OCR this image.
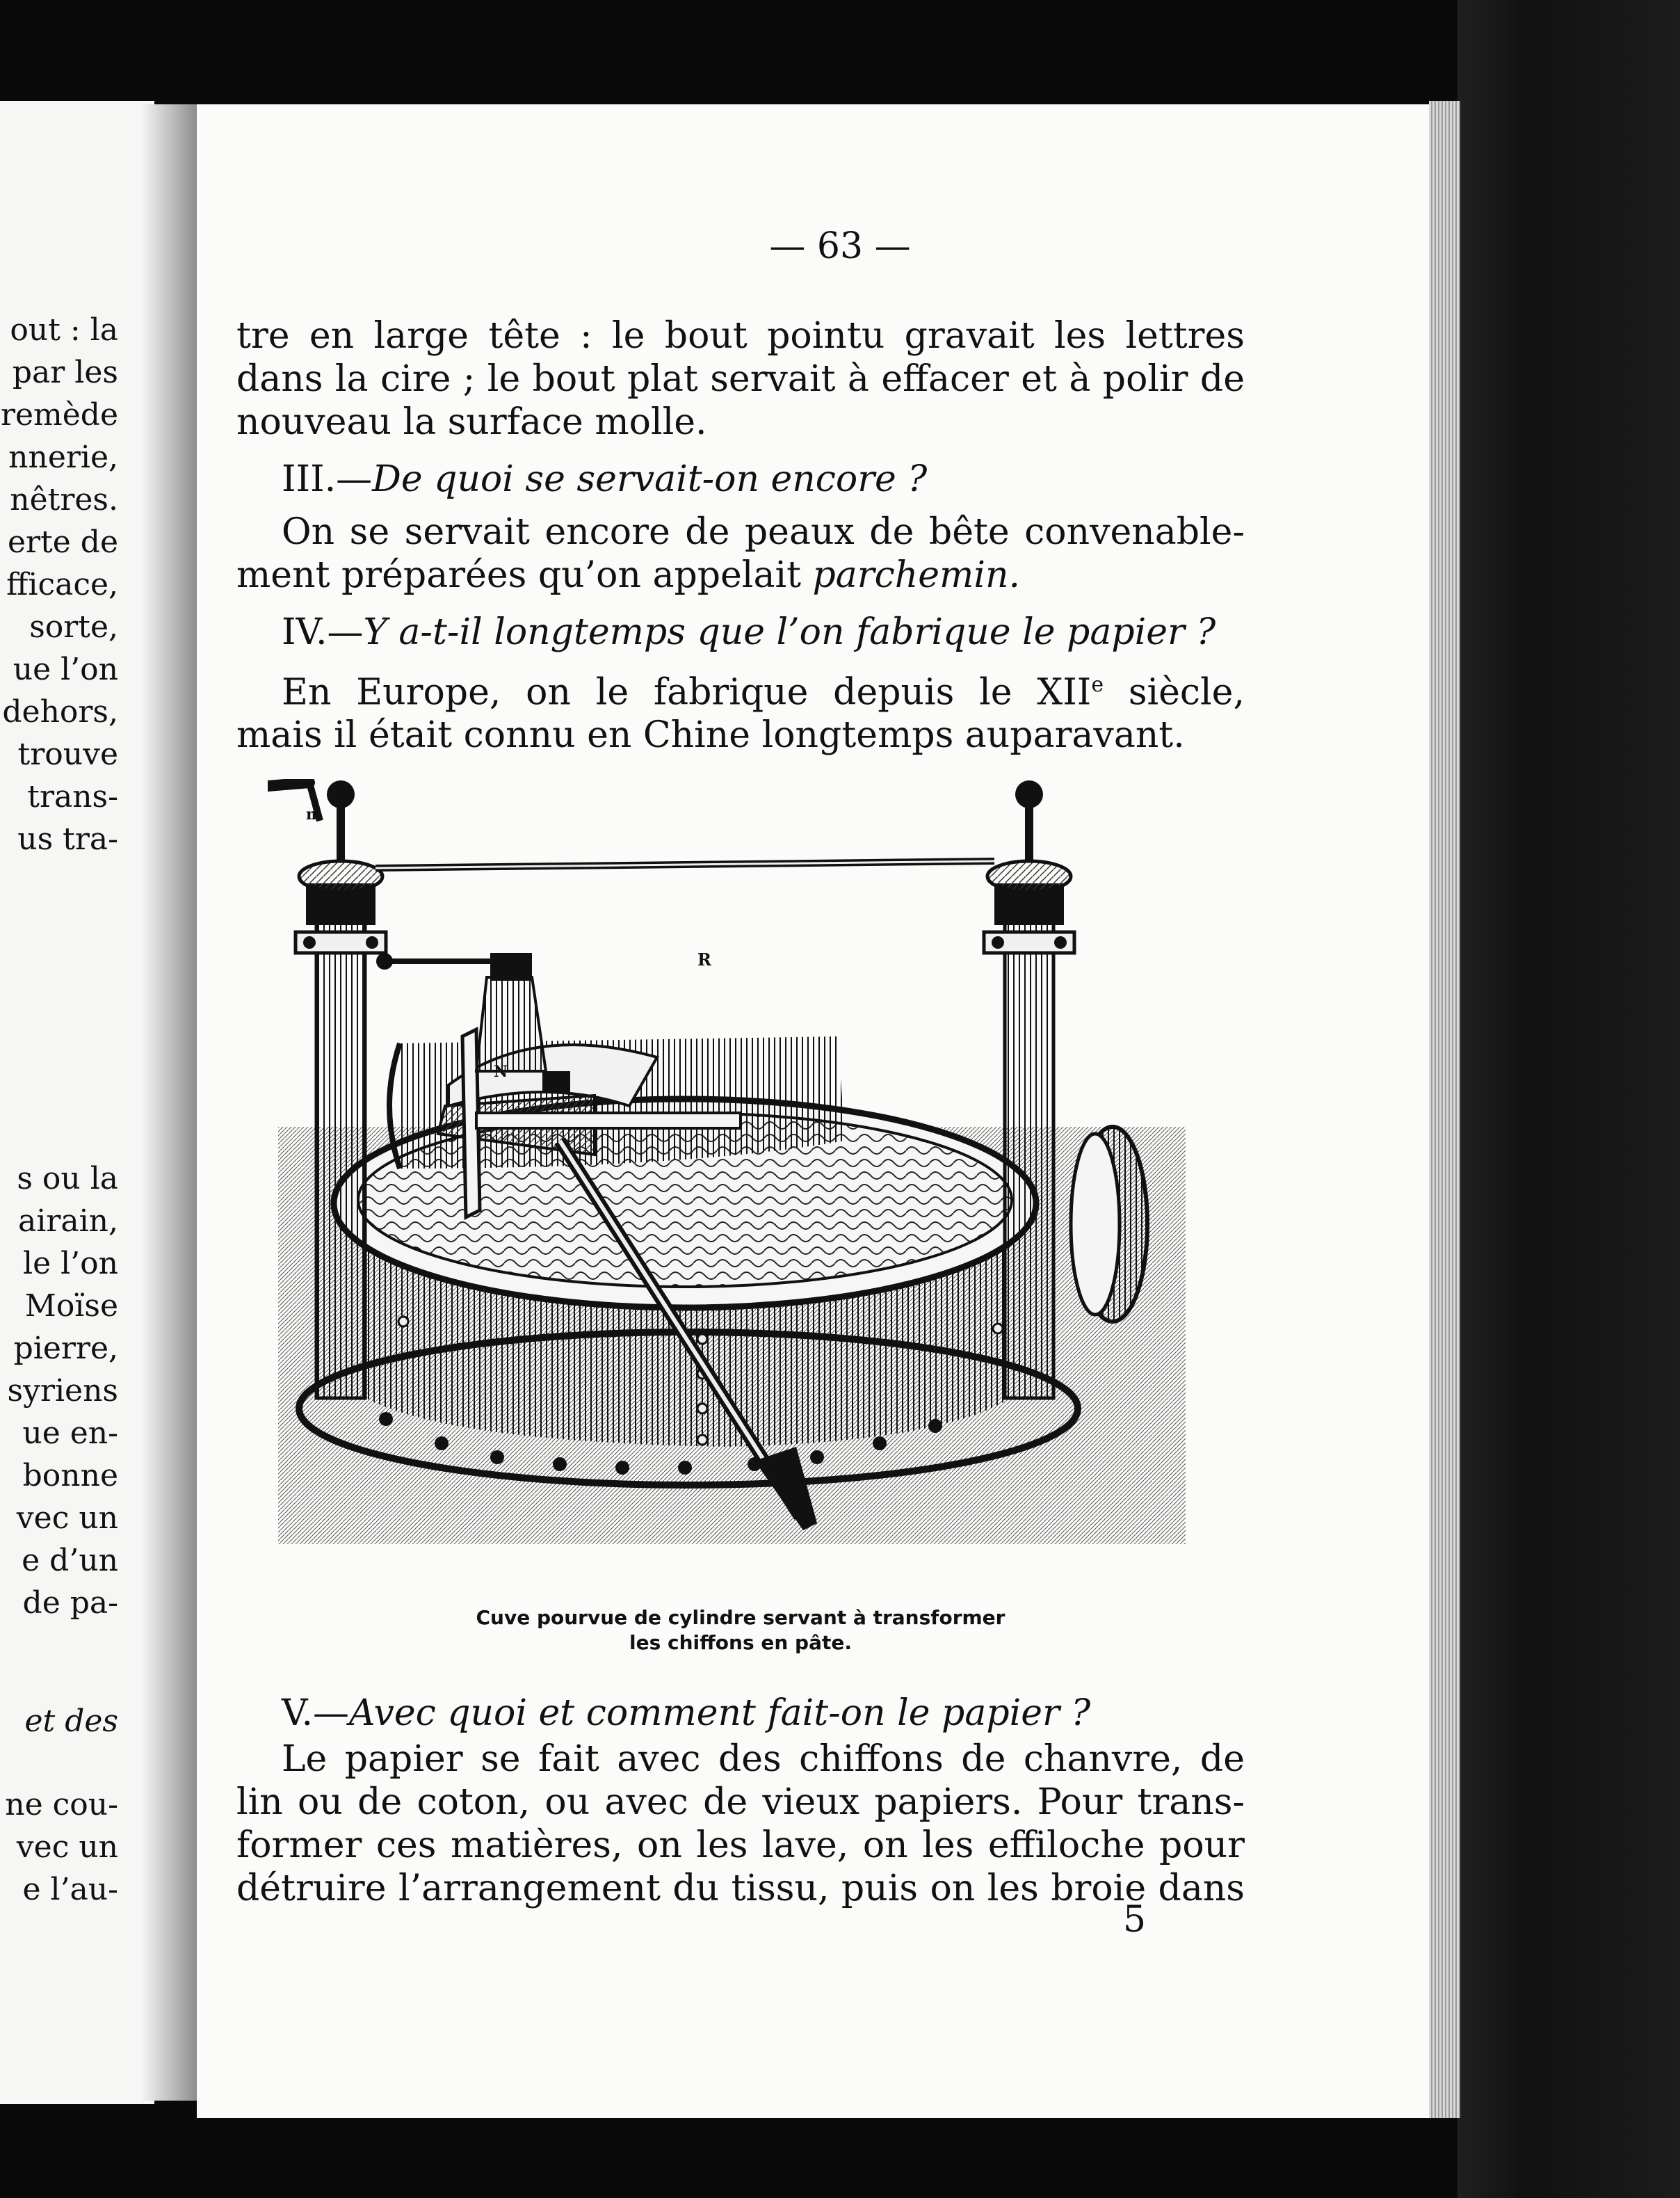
out : la
par les
remède
nnerie,
nêtres.
erte de
fficace,
sorte,
ue l’on
dehors,
trouve
trans-
us tra-
s ou la
airain,
le l’on
Moïse
pierre,
syriens
ue en-
bonne
vec un
e d’un
de pa-
et des
ne cou-
vec un
e l’au-
— 63 —
tre en large tête : le bout pointu gravait les lettres
dans la cire ; le bout plat servait à effacer et à polir de
nouveau la surface molle.
III.—De quoi se servait-on encore ?
On se servait encore de peaux de bête convenable-
ment préparées qu’on appelait parchemin.
IV.—Y a-t-il longtemps que l’on fabrique le papier ?
En Europe, on le fabrique depuis le XIIe siècle,
mais il était connu en Chine longtemps auparavant.
m
R
N
Cuve pourvue de cylindre servant à transformer
les chiffons en pâte.
V.—Avec quoi et comment fait-on le papier ?
Le papier se fait avec des chiffons de chanvre, de
lin ou de coton, ou avec de vieux papiers. Pour trans-
former ces matières, on les lave, on les effiloche pour
détruire l’arrangement du tissu, puis on les broie dans
5
